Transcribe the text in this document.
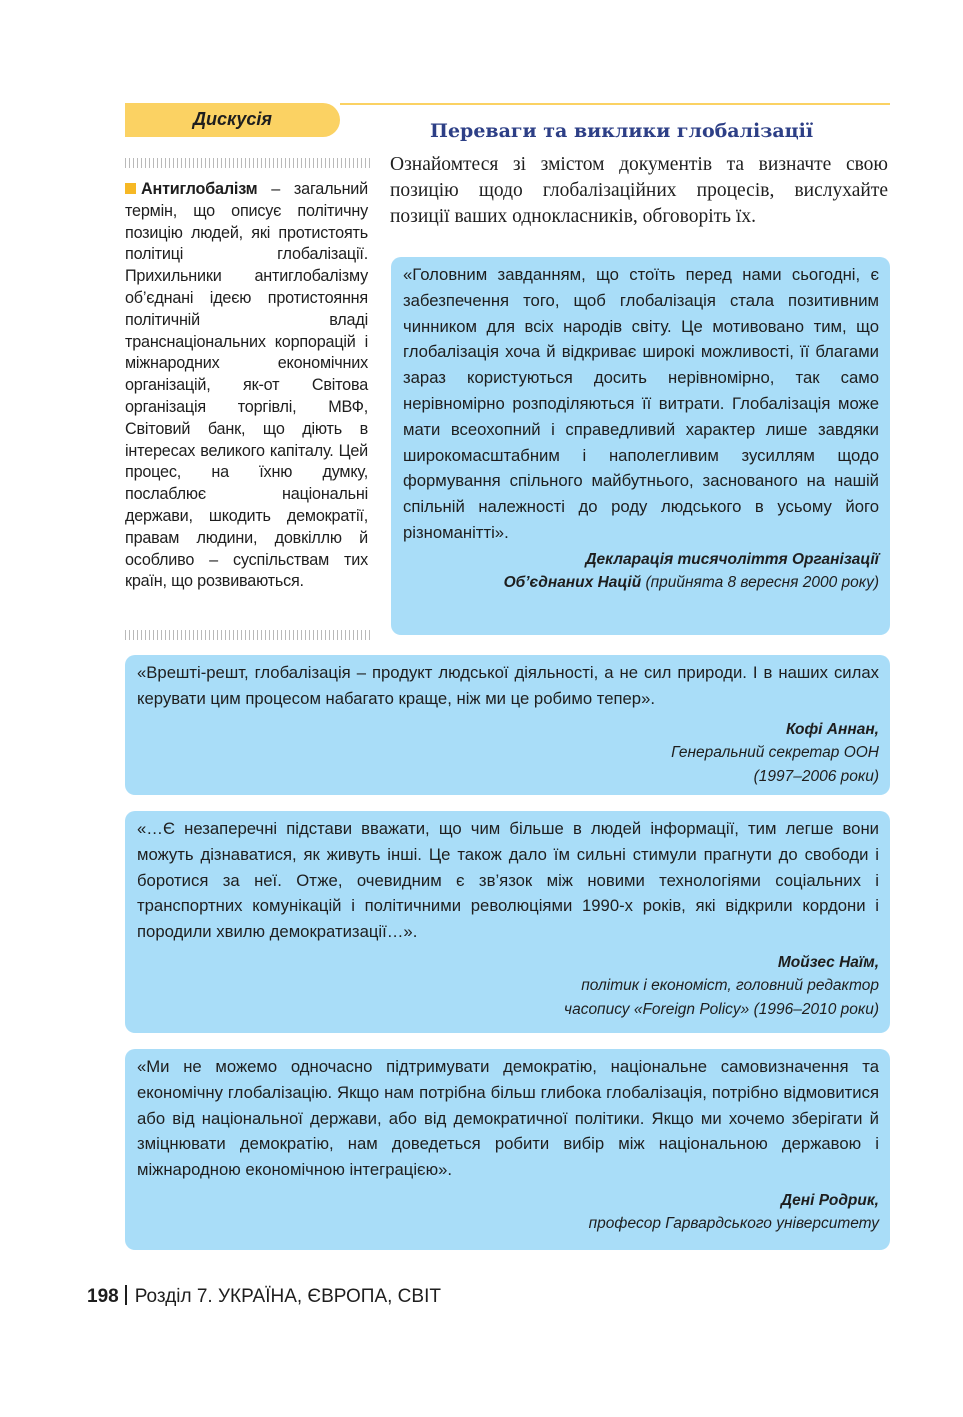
Дискусія
Переваги та виклики глобалізації
Ознайомтеся зі змістом документів та визначте свою позицію щодо глобалізаційних процесів, вислухайте позиції ваших однокласників, обговоріть їх.
Антиглобалізм – загальний термін, що описує політичну позицію людей, які протистоять політиці глобалізації. Прихильники антиглобалізму об’єднані ідеєю протистояння політичній владі транснаціональних корпорацій і міжнародних економічних організацій, як-от Світова організація торгівлі, МВФ, Світовий банк, що діють в інтересах великого капіталу. Цей процес, на їхню думку, послаблює національні держави, шкодить демократії, правам людини, довкіллю й особливо – суспільствам тих країн, що розвиваються.
«Головним завданням, що стоїть перед нами сьогодні, є забезпечення того, щоб глобалізація стала позитивним чинником для всіх народів світу. Це мотивовано тим, що глобалізація хоча й відкриває широкі можливості, її благами зараз користуються досить нерівномірно, так само нерівномірно розподіляються її витрати. Глобалізація може мати всеохопний і справедливий характер лише завдяки широкомасштабним і наполегливим зусиллям щодо формування спільного майбутнього, заснованого на нашій спільній належності до роду людського в усьому його різноманітті».
Декларація тисячоліття Організації
Об’єднаних Націй (прийнята 8 вересня 2000 року)
«Врешті-решт, глобалізація – продукт людської діяльності, а не сил природи. І в наших силах керувати цим процесом набагато краще, ніж ми це робимо тепер».
Кофі Аннан,
Генеральний секретар ООН
(1997–2006 роки)
«…Є незаперечні підстави вважати, що чим більше в людей інформації, тим легше вони можуть дізнаватися, як живуть інші. Це також дало їм сильні стимули прагнути до свободи і боротися за неї. Отже, очевидним є зв’язок між новими технологіями соціальних і транспортних комунікацій і політичними революціями 1990-х років, які відкрили кордони і породили хвилю демократизації…».
Мойзес Наїм,
політик і економіст, головний редактор
часопису «Foreign Policy» (1996–2010 роки)
«Ми не можемо одночасно підтримувати демократію, національне самовизначення та економічну глобалізацію. Якщо нам потрібна більш глибока глобалізація, потрібно відмовитися або від національної держави, або від демократичної політики. Якщо ми хочемо зберігати й зміцнювати демократію, нам доведеться робити вибір між національною державою і міжнародною економічною інтеграцією».
Дені Родрик,
професор Гарвардського університету
198 Розділ 7. УКРАЇНА, ЄВРОПА, СВІТ
